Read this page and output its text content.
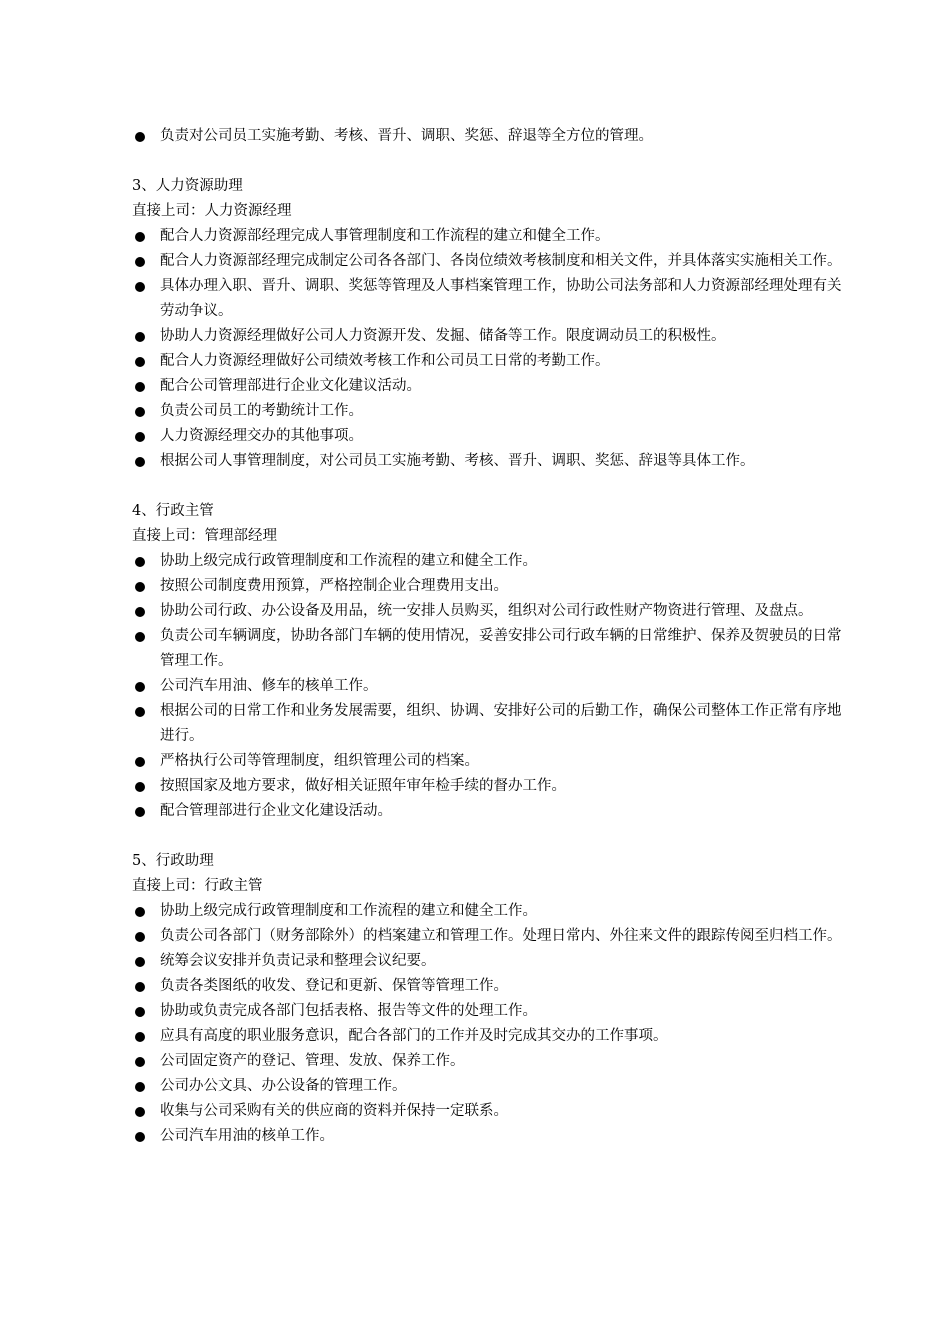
负责对公司员工实施考勤、考核、晋升、调职、奖惩、辞退等全方位的管理。
3、人力资源助理
直接上司：人力资源经理
配合人力资源部经理完成人事管理制度和工作流程的建立和健全工作。
配合人力资源部经理完成制定公司各各部门、各岗位绩效考核制度和相关文件，并具体落实实施相关工作。
具体办理入职、晋升、调职、奖惩等管理及人事档案管理工作，协助公司法务部和人力资源部经理处理有关劳动争议。
协助人力资源经理做好公司人力资源开发、发掘、储备等工作。限度调动员工的积极性。
配合人力资源经理做好公司绩效考核工作和公司员工日常的考勤工作。
配合公司管理部进行企业文化建议活动。
负责公司员工的考勤统计工作。
人力资源经理交办的其他事项。
根据公司人事管理制度，对公司员工实施考勤、考核、晋升、调职、奖惩、辞退等具体工作。
4、行政主管
直接上司：管理部经理
协助上级完成行政管理制度和工作流程的建立和健全工作。
按照公司制度费用预算，严格控制企业合理费用支出。
协助公司行政、办公设备及用品，统一安排人员购买，组织对公司行政性财产物资进行管理、及盘点。
负责公司车辆调度，协助各部门车辆的使用情况，妥善安排公司行政车辆的日常维护、保养及贺驶员的日常管理工作。
公司汽车用油、修车的核单工作。
根据公司的日常工作和业务发展需要，组织、协调、安排好公司的后勤工作，确保公司整体工作正常有序地进行。
严格执行公司等管理制度，组织管理公司的档案。
按照国家及地方要求，做好相关证照年审年检手续的督办工作。
配合管理部进行企业文化建设活动。
5、行政助理
直接上司：行政主管
协助上级完成行政管理制度和工作流程的建立和健全工作。
负责公司各部门（财务部除外）的档案建立和管理工作。处理日常内、外往来文件的跟踪传阅至归档工作。
统筹会议安排并负责记录和整理会议纪要。
负责各类图纸的收发、登记和更新、保管等管理工作。
协助或负责完成各部门包括表格、报告等文件的处理工作。
应具有高度的职业服务意识，配合各部门的工作并及时完成其交办的工作事项。
公司固定资产的登记、管理、发放、保养工作。
公司办公文具、办公设备的管理工作。
收集与公司采购有关的供应商的资料并保持一定联系。
公司汽车用油的核单工作。
